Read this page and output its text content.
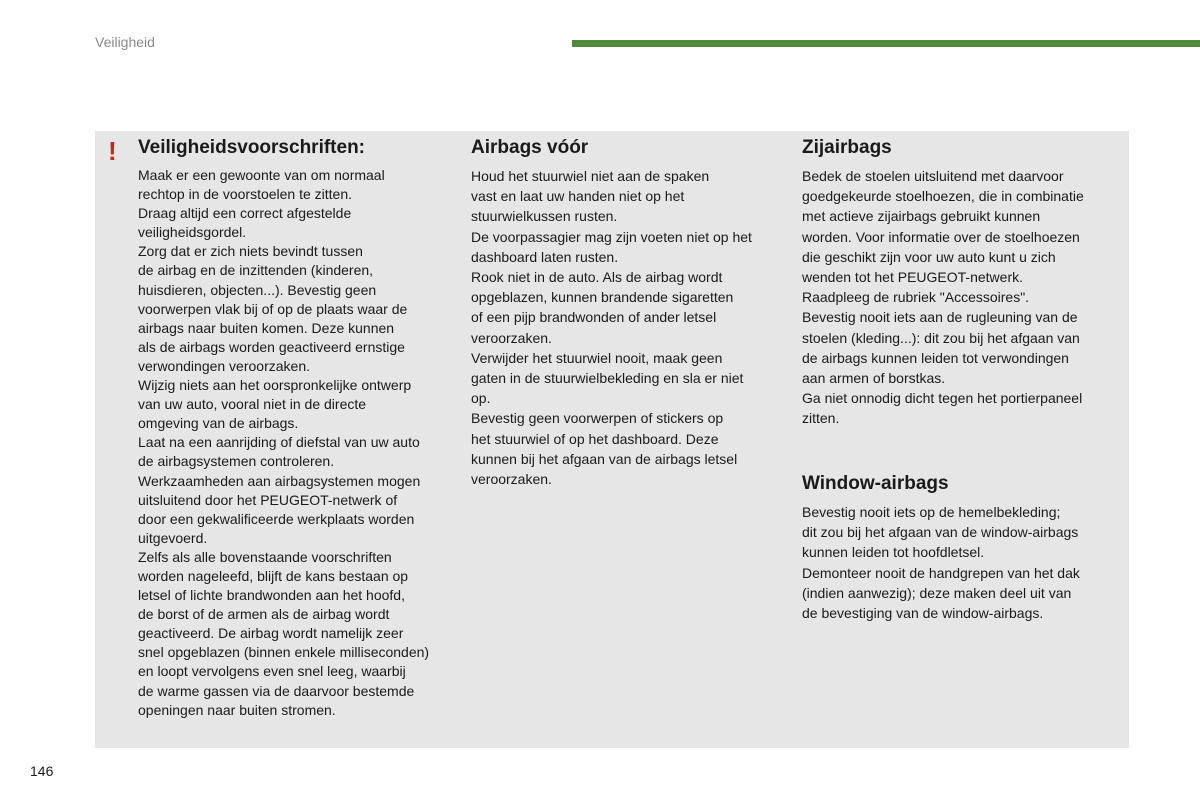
Veiligheid
! Veiligheidsvoorschriften:
Maak er een gewoonte van om normaal
rechtop in de voorstoelen te zitten.
Draag altijd een correct afgestelde
veiligheidsgordel.
Zorg dat er zich niets bevindt tussen
de airbag en de inzittenden (kinderen,
huisdieren, objecten...). Bevestig geen
voorwerpen vlak bij of op de plaats waar de
airbags naar buiten komen. Deze kunnen
als de airbags worden geactiveerd ernstige
verwondingen veroorzaken.
Wijzig niets aan het oorspronkelijke ontwerp
van uw auto, vooral niet in de directe
omgeving van de airbags.
Laat na een aanrijding of diefstal van uw auto
de airbagsystemen controleren.
Werkzaamheden aan airbagsystemen mogen
uitsluitend door het PEUGEOT-netwerk of
door een gekwalificeerde werkplaats worden
uitgevoerd.
Zelfs als alle bovenstaande voorschriften
worden nageleefd, blijft de kans bestaan op
letsel of lichte brandwonden aan het hoofd,
de borst of de armen als de airbag wordt
geactiveerd. De airbag wordt namelijk zeer
snel opgeblazen (binnen enkele milliseconden)
en loopt vervolgens even snel leeg, waarbij
de warme gassen via de daarvoor bestemde
openingen naar buiten stromen.
Airbags vóór
Houd het stuurwiel niet aan de spaken
vast en laat uw handen niet op het
stuurwielkussen rusten.
De voorpassagier mag zijn voeten niet op het
dashboard laten rusten.
Rook niet in de auto. Als de airbag wordt
opgeblazen, kunnen brandende sigaretten
of een pijp brandwonden of ander letsel
veroorzaken.
Verwijder het stuurwiel nooit, maak geen
gaten in de stuurwielbekleding en sla er niet
op.
Bevestig geen voorwerpen of stickers op
het stuurwiel of op het dashboard. Deze
kunnen bij het afgaan van de airbags letsel
veroorzaken.
Zijairbags
Bedek de stoelen uitsluitend met daarvoor
goedgekeurde stoelhoezen, die in combinatie
met actieve zijairbags gebruikt kunnen
worden. Voor informatie over de stoelhoezen
die geschikt zijn voor uw auto kunt u zich
wenden tot het PEUGEOT-netwerk.
Raadpleeg de rubriek "Accessoires".
Bevestig nooit iets aan de rugleuning van de
stoelen (kleding...): dit zou bij het afgaan van
de airbags kunnen leiden tot verwondingen
aan armen of borstkas.
Ga niet onnodig dicht tegen het portierpaneel
zitten.
Window-airbags
Bevestig nooit iets op de hemelbekleding;
dit zou bij het afgaan van de window-airbags
kunnen leiden tot hoofdletsel.
Demonteer nooit de handgrepen van het dak
(indien aanwezig); deze maken deel uit van
de bevestiging van de window-airbags.
146
